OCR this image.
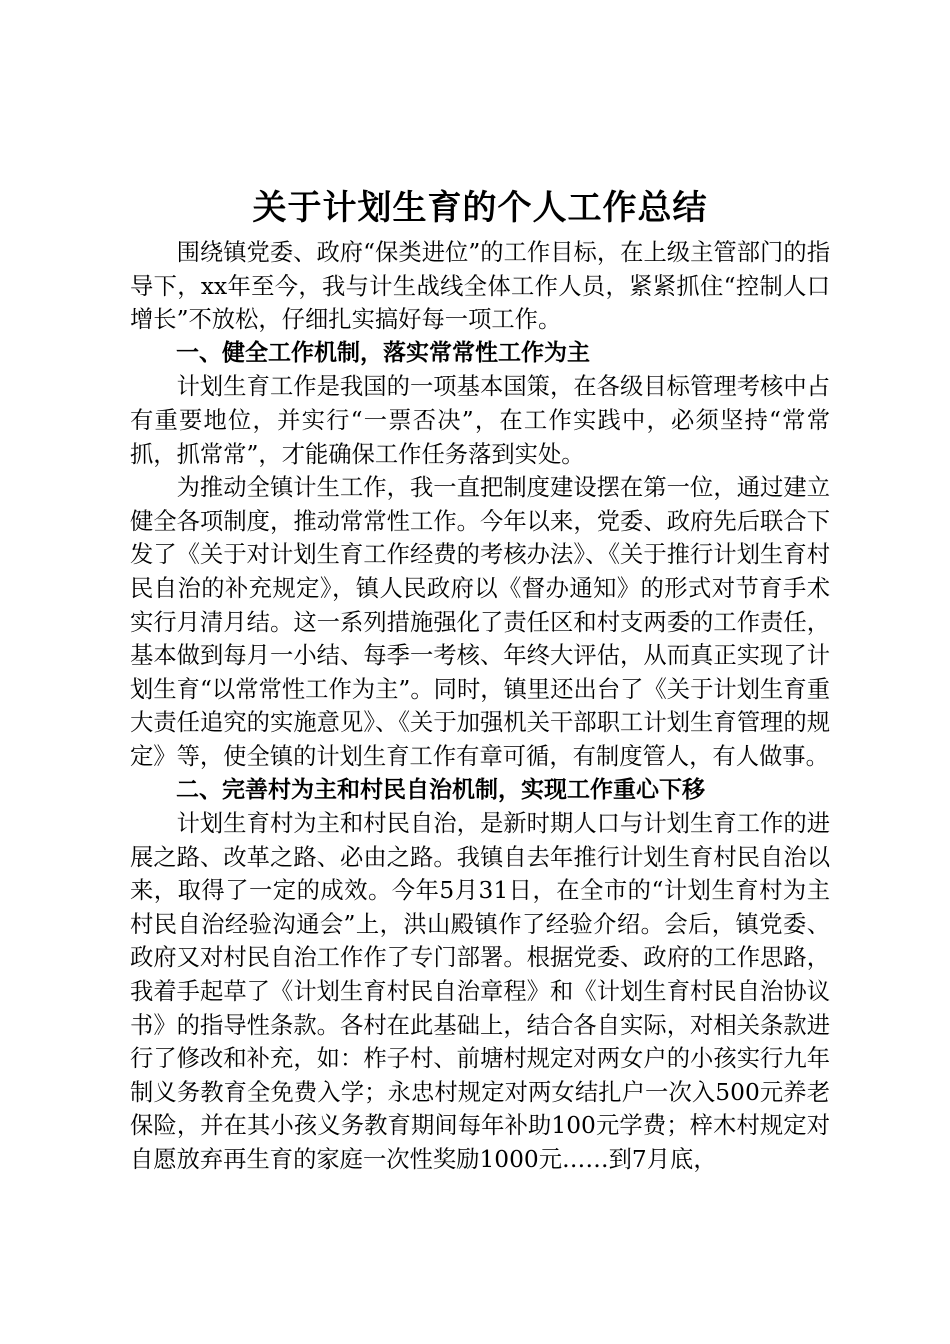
关于计划生育的个人工作总结

围绕镇党委、政府“保类进位”的工作目标，在上级主管部门的指导下，xx年至今，我与计生战线全体工作人员，紧紧抓住“控制人口增长”不放松，仔细扎实搞好每一项工作。

一、健全工作机制，落实常常性工作为主

计划生育工作是我国的一项基本国策，在各级目标管理考核中占有重要地位，并实行“一票否决”，在工作实践中，必须坚持“常常抓，抓常常”，才能确保工作任务落到实处。

为推动全镇计生工作，我一直把制度建设摆在第一位，通过建立健全各项制度，推动常常性工作。今年以来，党委、政府先后联合下发了《关于对计划生育工作经费的考核办法》、《关于推行计划生育村民自治的补充规定》，镇人民政府以《督办通知》的形式对节育手术实行月清月结。这一系列措施强化了责任区和村支两委的工作责任，基本做到每月一小结、每季一考核、年终大评估，从而真正实现了计划生育“以常常性工作为主”。同时，镇里还出台了《关于计划生育重大责任追究的实施意见》、《关于加强机关干部职工计划生育管理的规定》等，使全镇的计划生育工作有章可循，有制度管人，有人做事。

二、完善村为主和村民自治机制，实现工作重心下移

计划生育村为主和村民自治，是新时期人口与计划生育工作的进展之路、改革之路、必由之路。我镇自去年推行计划生育村民自治以来，取得了一定的成效。今年5月31日，在全市的“计划生育村为主村民自治经验沟通会”上，洪山殿镇作了经验介绍。会后，镇党委、政府又对村民自治工作作了专门部署。根据党委、政府的工作思路，我着手起草了《计划生育村民自治章程》和《计划生育村民自治协议书》的指导性条款。各村在此基础上，结合各自实际，对相关条款进行了修改和补充，如：柞子村、前塘村规定对两女户的小孩实行九年制义务教育全免费入学；永忠村规定对两女结扎户一次入500元养老保险，并在其小孩义务教育期间每年补助100元学费；梓木村规定对自愿放弃再生育的家庭一次性奖励1000元……到7月底，
